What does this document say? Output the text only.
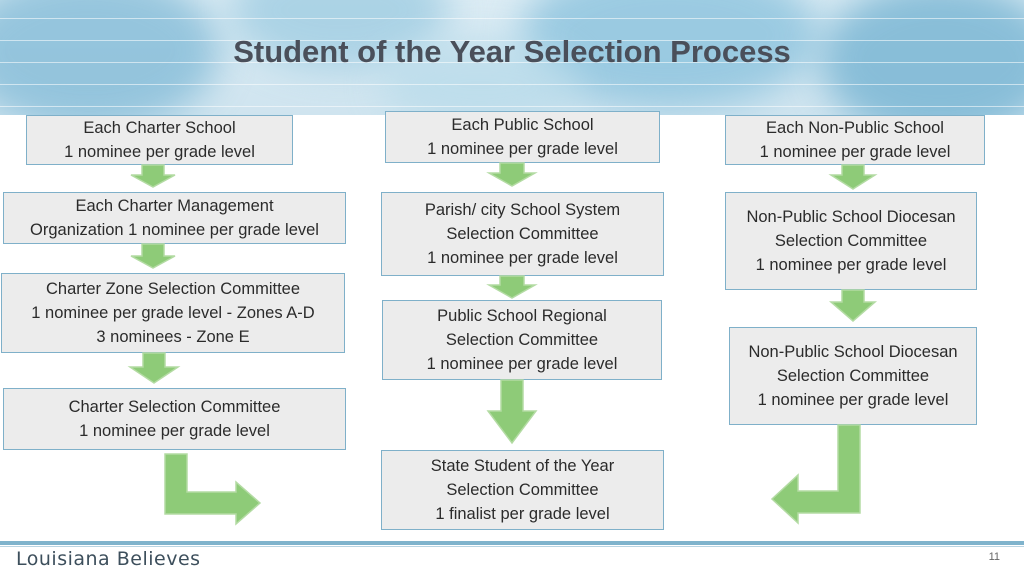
Student of the Year Selection Process
Each Charter School
1 nominee per grade level
Each Charter Management
Organization 1 nominee per grade level
Charter Zone Selection Committee
1 nominee per grade level - Zones A-D
3 nominees - Zone E
Charter Selection Committee
1 nominee per grade level
Each Public School
1 nominee per grade level
Parish/ city School System
Selection Committee
1 nominee per grade level
Public School Regional
Selection Committee
1 nominee per grade level
State Student of the Year
Selection Committee
1 finalist per grade level
Each Non-Public School
1 nominee per grade level
Non-Public School Diocesan
Selection Committee
1 nominee per grade level
Non-Public School Diocesan
Selection Committee
1 nominee per grade level
Louisiana Believes	11
